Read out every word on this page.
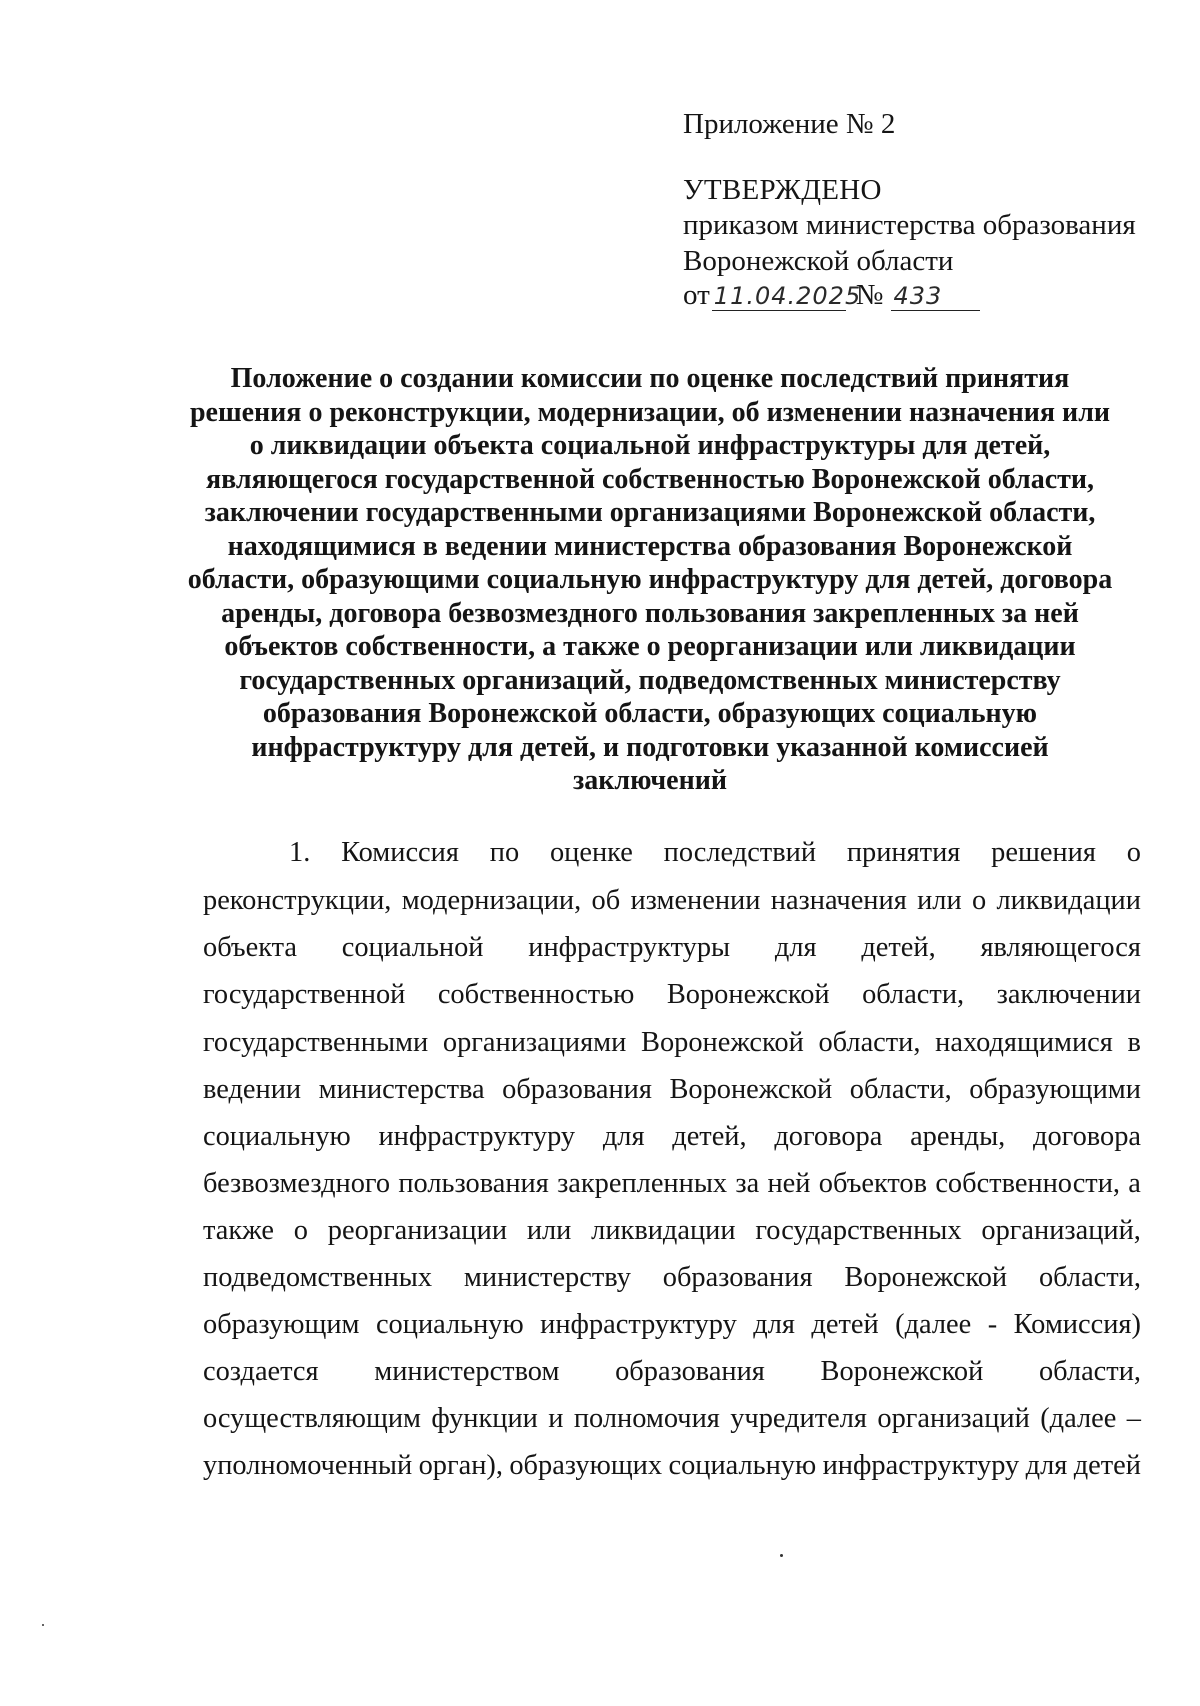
Приложение № 2
УТВЕРЖДЕНО
приказом министерства образования
Воронежской области
от 11.04.2025
№ 433
Положение о создании комиссии по оценке последствий принятия
решения о реконструкции, модернизации, об изменении назначения или
о ликвидации объекта социальной инфраструктуры для детей,
являющегося государственной собственностью Воронежской области,
заключении государственными организациями Воронежской области,
находящимися в ведении министерства образования Воронежской
области, образующими социальную инфраструктуру для детей, договора
аренды, договора безвозмездного пользования закрепленных за ней
объектов собственности, а также о реорганизации или ликвидации
государственных организаций, подведомственных министерству
образования Воронежской области, образующих социальную
инфраструктуру для детей, и подготовки указанной комиссией
заключений
1. Комиссия по оценке последствий принятия решения о
реконструкции, модернизации, об изменении назначения или о ликвидации
объекта социальной инфраструктуры для детей, являющегося
государственной собственностью Воронежской области, заключении
государственными организациями Воронежской области, находящимися в
ведении министерства образования Воронежской области, образующими
социальную инфраструктуру для детей, договора аренды, договора
безвозмездного пользования закрепленных за ней объектов собственности, а
также о реорганизации или ликвидации государственных организаций,
подведомственных министерству образования Воронежской области,
образующим социальную инфраструктуру для детей (далее - Комиссия)
создается министерством образования Воронежской области,
осуществляющим функции и полномочия учредителя организаций (далее –
уполномоченный орган), образующих социальную инфраструктуру для детей
